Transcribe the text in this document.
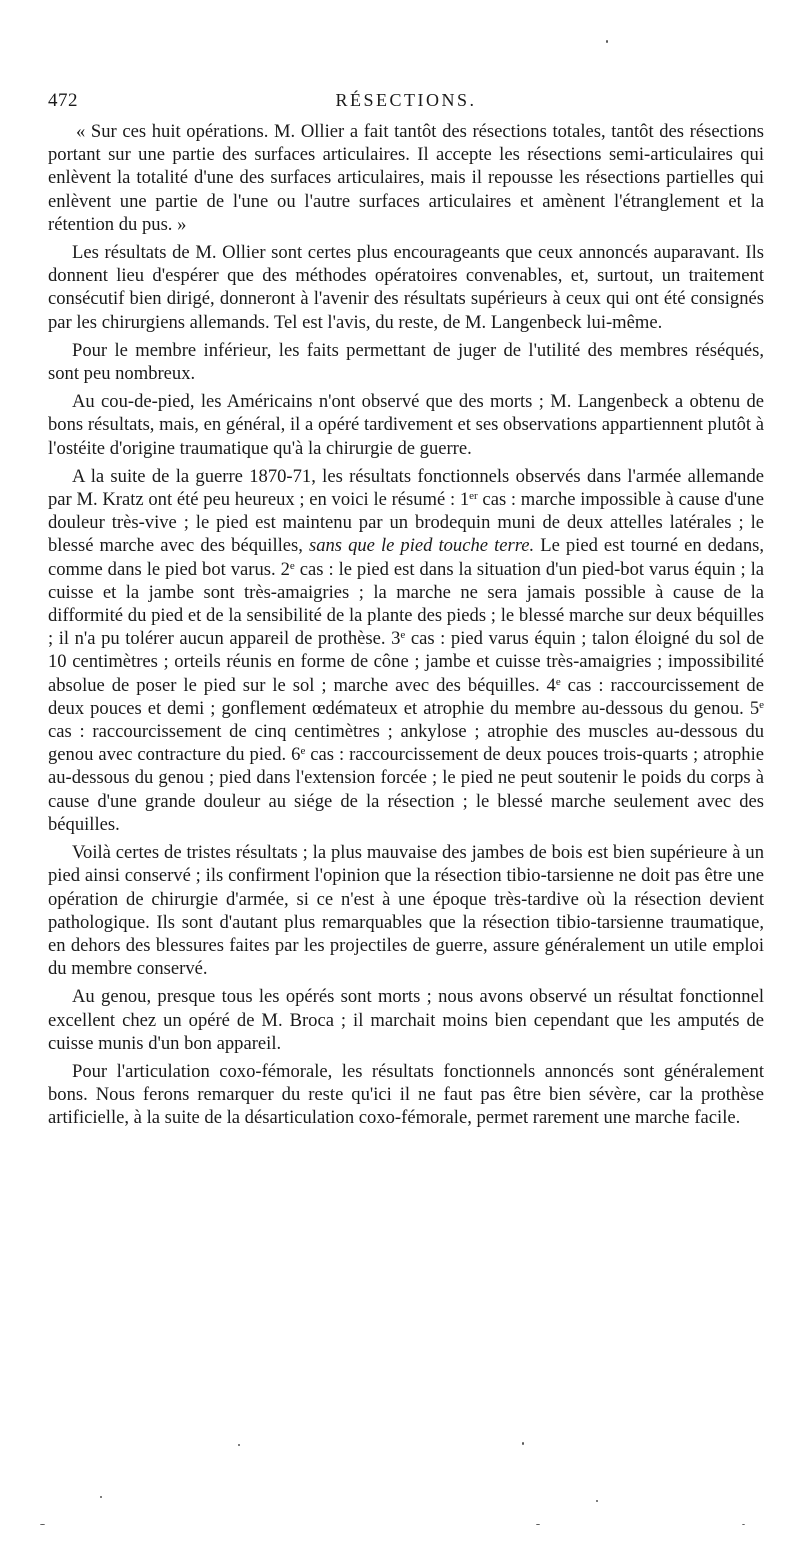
472	RÉSECTIONS.

« Sur ces huit opérations. M. Ollier a fait tantôt des résections totales, tantôt des résections portant sur une partie des surfaces articulaires. Il accepte les résections semi-articulaires qui enlèvent la totalité d'une des surfaces articulaires, mais il repousse les résections partielles qui enlèvent une partie de l'une ou l'autre surfaces articulaires et amènent l'étranglement et la rétention du pus. »

Les résultats de M. Ollier sont certes plus encourageants que ceux annoncés auparavant. Ils donnent lieu d'espérer que des méthodes opératoires convenables, et, surtout, un traitement consécutif bien dirigé, donneront à l'avenir des résultats supérieurs à ceux qui ont été consignés par les chirurgiens allemands. Tel est l'avis, du reste, de M. Langenbeck lui-même.

Pour le membre inférieur, les faits permettant de juger de l'utilité des membres réséqués, sont peu nombreux.

Au cou-de-pied, les Américains n'ont observé que des morts ; M. Langenbeck a obtenu de bons résultats, mais, en général, il a opéré tardivement et ses observations appartiennent plutôt à l'ostéite d'origine traumatique qu'à la chirurgie de guerre.

A la suite de la guerre 1870-71, les résultats fonctionnels observés dans l'armée allemande par M. Kratz ont été peu heureux ; en voici le résumé : 1er cas : marche impossible à cause d'une douleur très-vive ; le pied est maintenu par un brodequin muni de deux attelles latérales ; le blessé marche avec des béquilles, sans que le pied touche terre. Le pied est tourné en dedans, comme dans le pied bot varus. 2e cas : le pied est dans la situation d'un pied-bot varus équin ; la cuisse et la jambe sont très-amaigries ; la marche ne sera jamais possible à cause de la difformité du pied et de la sensibilité de la plante des pieds ; le blessé marche sur deux béquilles ; il n'a pu tolérer aucun appareil de prothèse. 3e cas : pied varus équin ; talon éloigné du sol de 10 centimètres ; orteils réunis en forme de cône ; jambe et cuisse très-amaigries ; impossibilité absolue de poser le pied sur le sol ; marche avec des béquilles. 4e cas : raccourcissement de deux pouces et demi ; gonflement œdémateux et atrophie du membre au-dessous du genou. 5e cas : raccourcissement de cinq centimètres ; ankylose ; atrophie des muscles au-dessous du genou avec contracture du pied. 6e cas : raccourcissement de deux pouces trois-quarts ; atrophie au-dessous du genou ; pied dans l'extension forcée ; le pied ne peut soutenir le poids du corps à cause d'une grande douleur au siége de la résection ; le blessé marche seulement avec des béquilles.

Voilà certes de tristes résultats ; la plus mauvaise des jambes de bois est bien supérieure à un pied ainsi conservé ; ils confirment l'opinion que la résection tibio-tarsienne ne doit pas être une opération de chirurgie d'armée, si ce n'est à une époque très-tardive où la résection devient pathologique. Ils sont d'autant plus remarquables que la résection tibio-tarsienne traumatique, en dehors des blessures faites par les projectiles de guerre, assure généralement un utile emploi du membre conservé.

Au genou, presque tous les opérés sont morts ; nous avons observé un résultat fonctionnel excellent chez un opéré de M. Broca ; il marchait moins bien cependant que les amputés de cuisse munis d'un bon appareil.

Pour l'articulation coxo-fémorale, les résultats fonctionnels annoncés sont généralement bons. Nous ferons remarquer du reste qu'ici il ne faut pas être bien sévère, car la prothèse artificielle, à la suite de la désarticulation coxo-fémorale, permet rarement une marche facile.
